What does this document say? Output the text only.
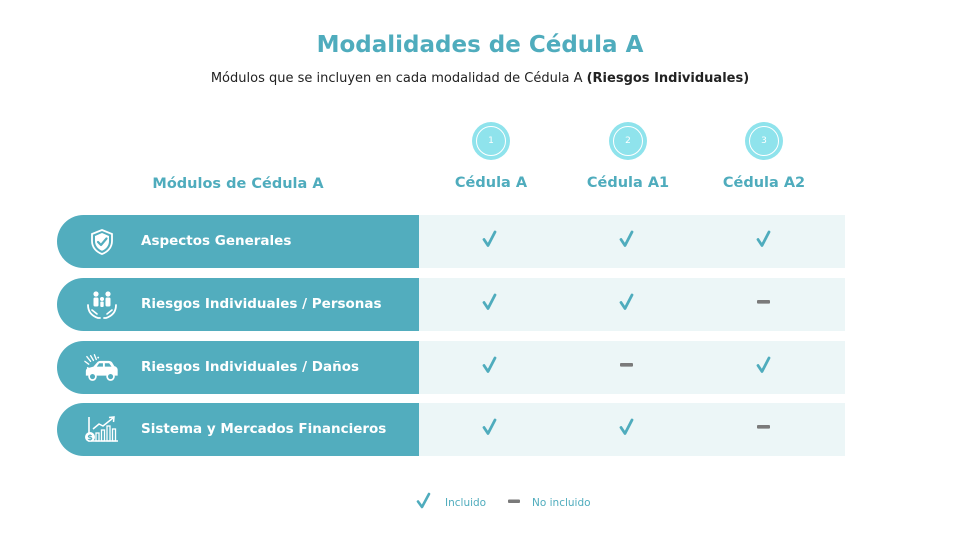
Modalidades de Cédula A
Módulos que se incluyen en cada modalidad de Cédula A (Riesgos Individuales)
Módulos de Cédula A
1
Cédula A
2
Cédula A1
3
Cédula A2
Aspectos Generales
Riesgos Individuales / Personas
Riesgos Individuales / Daños
$
Sistema y Mercados Financieros
Incluido	No incluido
